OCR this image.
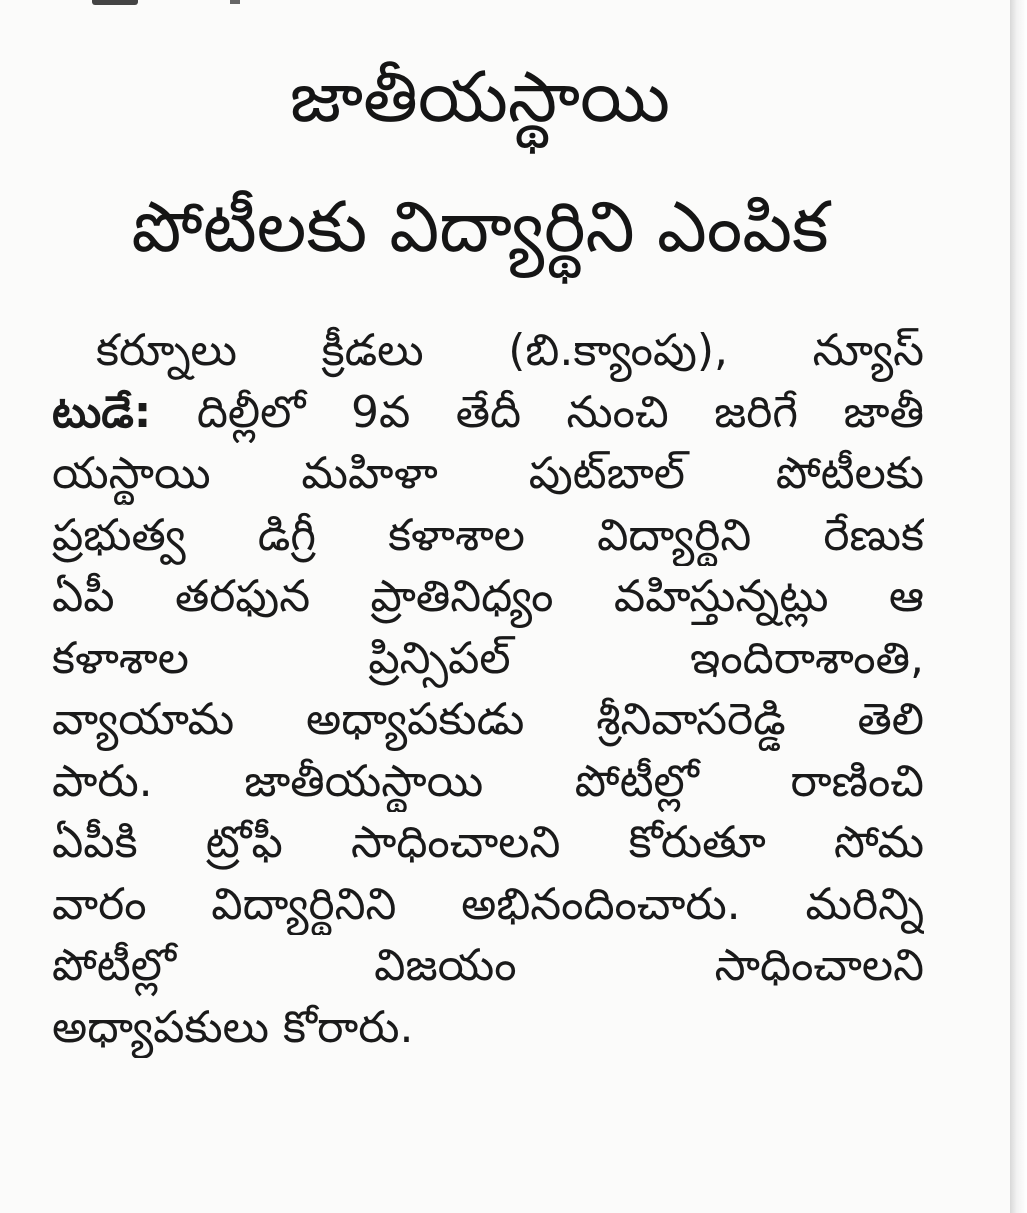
జాతీయస్థాయి
పోటీలకు విద్యార్థిని ఎంపిక
కర్నూలు క్రీడలు (బి.క్యాంపు), న్యూస్
టుడే: దిల్లీలో 9వ తేదీ నుంచి జరిగే జాతీ
యస్థాయి మహిళా పుట్‌బాల్ పోటీలకు
ప్రభుత్వ డిగ్రీ కళాశాల విద్యార్థిని రేణుక
ఏపీ తరఫున ప్రాతినిధ్యం వహిస్తున్నట్లు ఆ
కళాశాల ప్రిన్సిపల్ ఇందిరాశాంతి,
వ్యాయామ అధ్యాపకుడు శ్రీనివాసరెడ్డి తెలి
పారు. జాతీయస్థాయి పోటీల్లో రాణించి
ఏపీకి ట్రోఫీ సాధించాలని కోరుతూ సోమ
వారం విద్యార్థినిని అభినందించారు. మరిన్ని
పోటీల్లో విజయం సాధించాలని
అధ్యాపకులు కోరారు.
